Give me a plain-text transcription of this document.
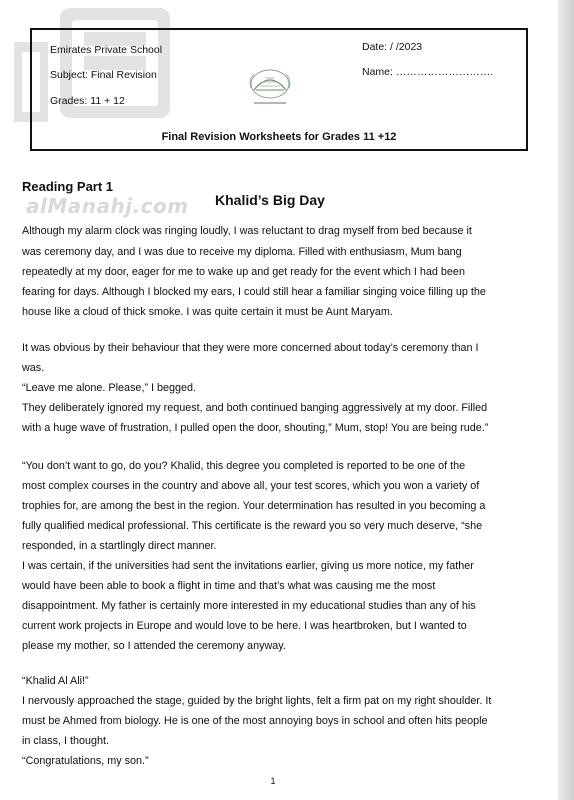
alManahj.com
Emirates Private School
Subject: Final Revision
Grades: 11 + 12
Date: / /2023
Name: ……………………….
Final Revision Worksheets for Grades 11 +12
Reading Part 1
Khalid’s Big Day
Although my alarm clock was ringing loudly, I was reluctant to drag myself from bed because it
was ceremony day, and I was due to receive my diploma. Filled with enthusiasm, Mum bang
repeatedly at my door, eager for me to wake up and get ready for the event which I had been
fearing for days. Although I blocked my ears, I could still hear a familiar singing voice filling up the
house like a cloud of thick smoke. I was quite certain it must be Aunt Maryam.
It was obvious by their behaviour that they were more concerned about today’s ceremony than I
was.
“Leave me alone. Please,” I begged.
They deliberately ignored my request, and both continued banging aggressively at my door. Filled
with a huge wave of frustration, I pulled open the door, shouting,” Mum, stop! You are being rude.”
“You don’t want to go, do you? Khalid, this degree you completed is reported to be one of the
most complex courses in the country and above all, your test scores, which you won a variety of
trophies for, are among the best in the region. Your determination has resulted in you becoming a
fully qualified medical professional. This certificate is the reward you so very much deserve, “she
responded, in a startlingly direct manner.
I was certain, if the universities had sent the invitations earlier, giving us more notice, my father
would have been able to book a flight in time and that’s what was causing me the most
disappointment. My father is certainly more interested in my educational studies than any of his
current work projects in Europe and would love to be here. I was heartbroken, but I wanted to
please my mother, so I attended the ceremony anyway.
“Khalid Al Ali!”
I nervously approached the stage, guided by the bright lights, felt a firm pat on my right shoulder. It
must be Ahmed from biology. He is one of the most annoying boys in school and often hits people
in class, I thought.
“Congratulations, my son.”
1
